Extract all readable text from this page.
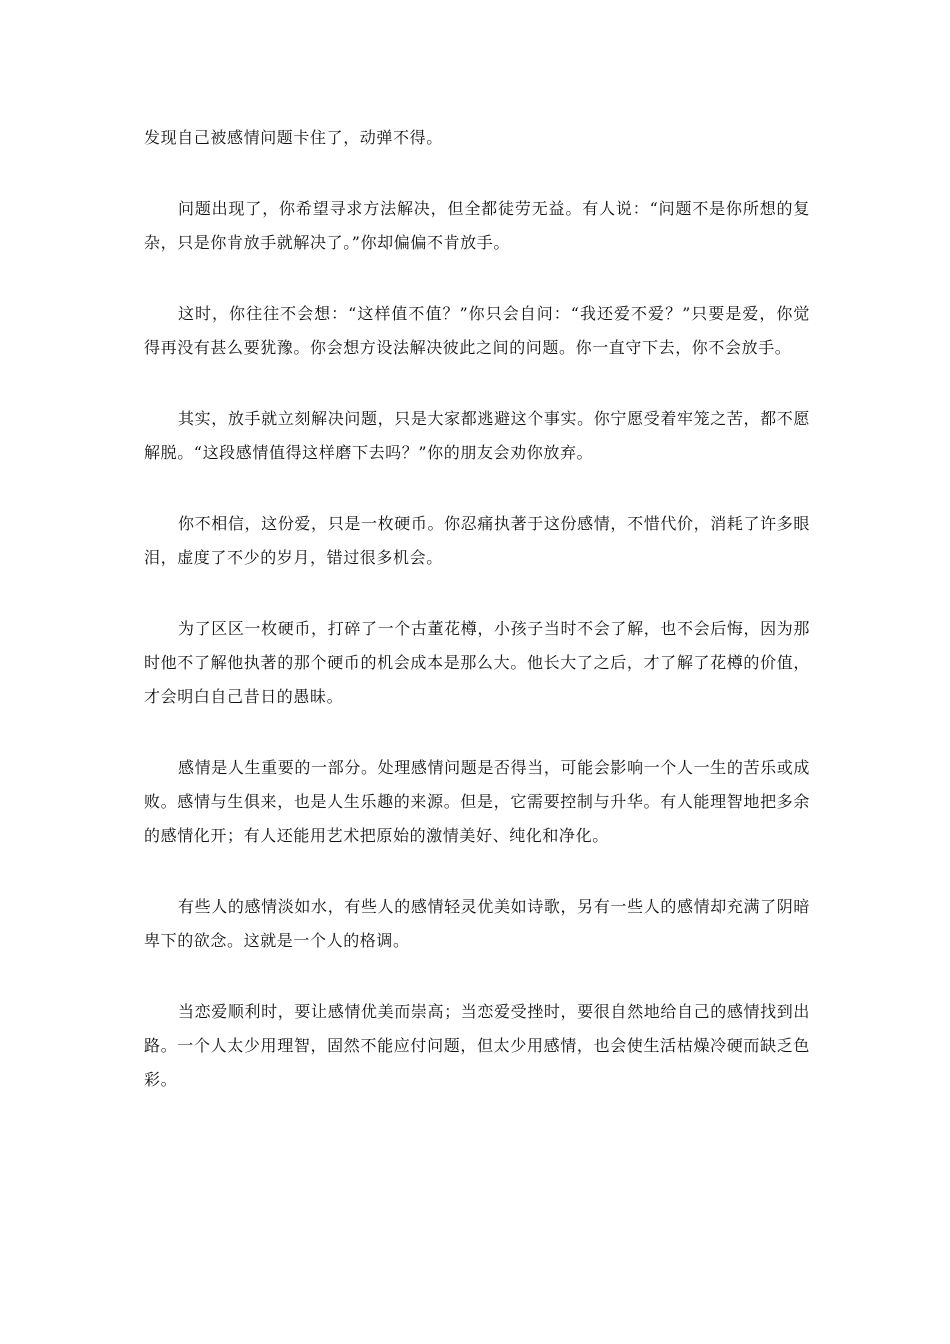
发现自己被感情问题卡住了，动弹不得。

问题出现了，你希望寻求方法解决，但全都徒劳无益。有人说：“问题不是你所想的复杂，只是你肯放手就解决了。”你却偏偏不肯放手。

这时，你往往不会想：“这样值不值？”你只会自问：“我还爱不爱？”只要是爱，你觉得再没有甚么要犹豫。你会想方设法解决彼此之间的问题。你一直守下去，你不会放手。

其实，放手就立刻解决问题，只是大家都逃避这个事实。你宁愿受着牢笼之苦，都不愿解脱。“这段感情值得这样磨下去吗？”你的朋友会劝你放弃。

你不相信，这份爱，只是一枚硬币。你忍痛执著于这份感情，不惜代价，消耗了许多眼泪，虚度了不少的岁月，错过很多机会。

为了区区一枚硬币，打碎了一个古董花樽，小孩子当时不会了解，也不会后悔，因为那时他不了解他执著的那个硬币的机会成本是那么大。他长大了之后，才了解了花樽的价值，才会明白自己昔日的愚昧。

感情是人生重要的一部分。处理感情问题是否得当，可能会影响一个人一生的苦乐或成败。感情与生俱来，也是人生乐趣的来源。但是，它需要控制与升华。有人能理智地把多余的感情化开；有人还能用艺术把原始的激情美好、纯化和净化。

有些人的感情淡如水，有些人的感情轻灵优美如诗歌，另有一些人的感情却充满了阴暗卑下的欲念。这就是一个人的格调。

当恋爱顺利时，要让感情优美而崇高；当恋爱受挫时，要很自然地给自己的感情找到出路。一个人太少用理智，固然不能应付问题，但太少用感情，也会使生活枯燥冷硬而缺乏色彩。
